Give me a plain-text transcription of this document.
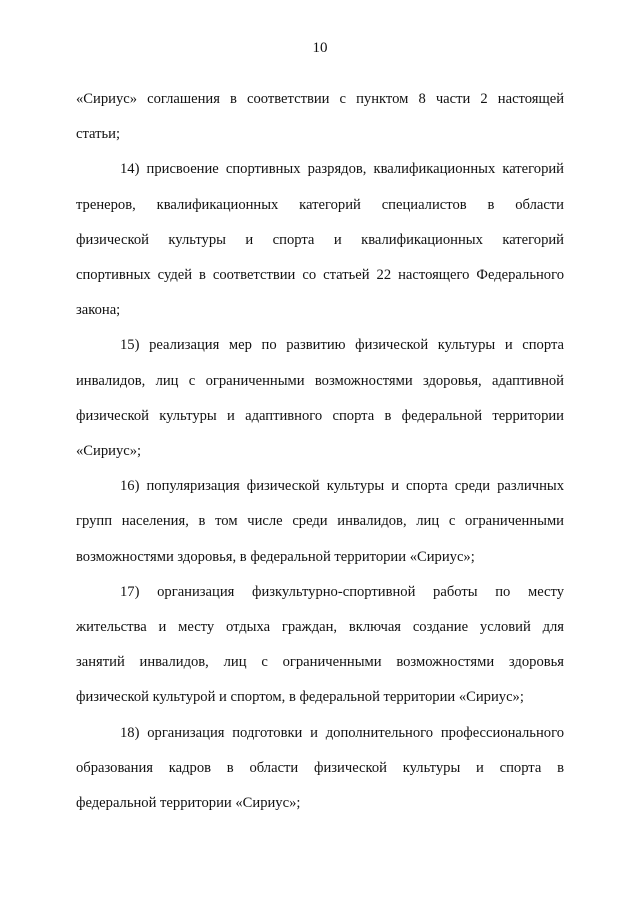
10
«Сириус» соглашения в соответствии с пунктом 8 части 2 настоящей
статьи;
14) присвоение спортивных разрядов, квалификационных категорий
тренеров, квалификационных категорий специалистов в области
физической культуры и спорта и квалификационных категорий
спортивных судей в соответствии со статьей 22 настоящего Федерального
закона;
15) реализация мер по развитию физической культуры и спорта
инвалидов, лиц с ограниченными возможностями здоровья, адаптивной
физической культуры и адаптивного спорта в федеральной территории
«Сириус»;
16) популяризация физической культуры и спорта среди различных
групп населения, в том числе среди инвалидов, лиц с ограниченными
возможностями здоровья, в федеральной территории «Сириус»;
17) организация физкультурно-спортивной работы по месту
жительства и месту отдыха граждан, включая создание условий для
занятий инвалидов, лиц с ограниченными возможностями здоровья
физической культурой и спортом, в федеральной территории «Сириус»;
18) организация подготовки и дополнительного профессионального
образования кадров в области физической культуры и спорта в
федеральной территории «Сириус»;
